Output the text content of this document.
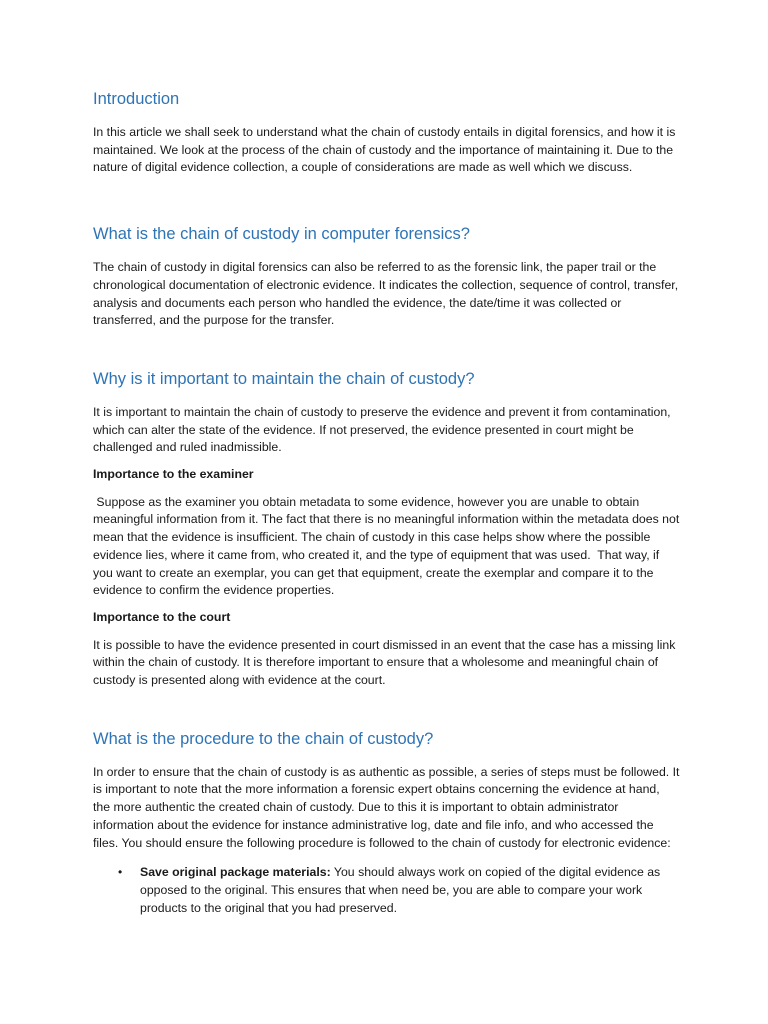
Introduction

In this article we shall seek to understand what the chain of custody entails in digital forensics, and how it is maintained. We look at the process of the chain of custody and the importance of maintaining it. Due to the nature of digital evidence collection, a couple of considerations are made as well which we discuss.

What is the chain of custody in computer forensics?

The chain of custody in digital forensics can also be referred to as the forensic link, the paper trail or the chronological documentation of electronic evidence. It indicates the collection, sequence of control, transfer, analysis and documents each person who handled the evidence, the date/time it was collected or transferred, and the purpose for the transfer.

Why is it important to maintain the chain of custody?

It is important to maintain the chain of custody to preserve the evidence and prevent it from contamination, which can alter the state of the evidence. If not preserved, the evidence presented in court might be challenged and ruled inadmissible.

Importance to the examiner

Suppose as the examiner you obtain metadata to some evidence, however you are unable to obtain meaningful information from it. The fact that there is no meaningful information within the metadata does not mean that the evidence is insufficient. The chain of custody in this case helps show where the possible evidence lies, where it came from, who created it, and the type of equipment that was used.  That way, if you want to create an exemplar, you can get that equipment, create the exemplar and compare it to the evidence to confirm the evidence properties.

Importance to the court

It is possible to have the evidence presented in court dismissed in an event that the case has a missing link within the chain of custody. It is therefore important to ensure that a wholesome and meaningful chain of custody is presented along with evidence at the court.

What is the procedure to the chain of custody?

In order to ensure that the chain of custody is as authentic as possible, a series of steps must be followed. It is important to note that the more information a forensic expert obtains concerning the evidence at hand, the more authentic the created chain of custody. Due to this it is important to obtain administrator information about the evidence for instance administrative log, date and file info, and who accessed the files. You should ensure the following procedure is followed to the chain of custody for electronic evidence:

• Save original package materials: You should always work on copied of the digital evidence as opposed to the original. This ensures that when need be, you are able to compare your work products to the original that you had preserved.
